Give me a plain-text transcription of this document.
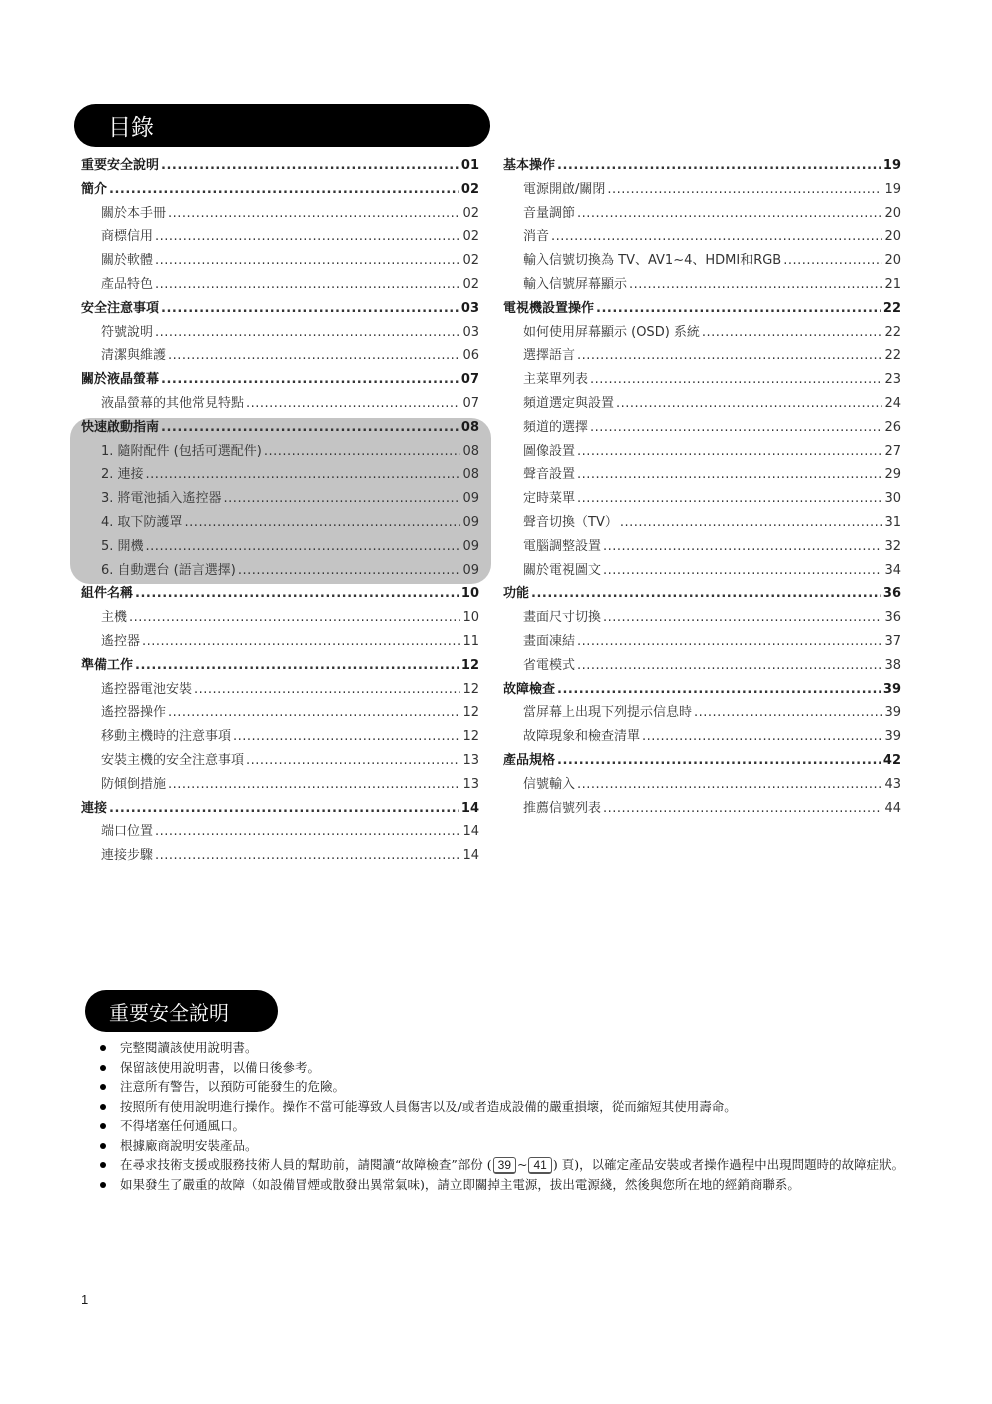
目錄
重要安全說明 .....	01
簡介 .....	02
關於本手冊 .....	02
商標信用 .....	02
關於軟體 .....	02
產品特色 .....	02
安全注意事項 .....	03
符號說明 .....	03
清潔與維護 .....	06
關於液晶螢幕 .....	07
液晶螢幕的其他常見特點 .....	07
快速啟動指南 .....	08
1. 隨附配件 (包括可選配件) .....	08
2. 連接 .....	08
3. 將電池插入遙控器 .....	09
4. 取下防護罩 .....	09
5. 開機 .....	09
6. 自動選台 (語言選擇) .....	09
組件名稱 .....	10
主機 .....	10
遙控器 .....	11
準備工作 .....	12
遙控器電池安裝 .....	12
遙控器操作 .....	12
移動主機時的注意事項 .....	12
安裝主機的安全注意事項 .....	13
防傾倒措施 .....	13
連接 .....	14
端口位置 .....	14
連接步驟 .....	14
基本操作 .....	19
電源開啟/關閉 .....	19
音量調節 .....	20
消音 .....	20
輸入信號切換為 TV、AV1~4、HDMI和RGB .....	20
輸入信號屏幕顯示 .....	21
電視機設置操作 .....	22
如何使用屏幕顯示 (OSD) 系統 .....	22
選擇語言 .....	22
主菜單列表 .....	23
頻道選定與設置 .....	24
頻道的選擇 .....	26
圖像設置 .....	27
聲音設置 .....	29
定時菜單 .....	30
聲音切換（TV） .....	31
電腦調整設置 .....	32
關於電視圖文 .....	34
功能 .....	36
畫面尺寸切換 .....	36
畫面凍結 .....	37
省電模式 .....	38
故障檢查 .....	39
當屏幕上出現下列提示信息時 .....	39
故障現象和檢查清單 .....	39
產品規格 .....	42
信號輸入 .....	43
推薦信號列表 .....	44
重要安全說明
完整閱讀該使用說明書。
保留該使用說明書，以備日後參考。
注意所有警告，以預防可能發生的危險。
按照所有使用說明進行操作。操作不當可能導致人員傷害以及/或者造成設備的嚴重損壞，從而縮短其使用壽命。
不得堵塞任何通風口。
根據廠商說明安裝產品。
在尋求技術支援或服務技術人員的幫助前，請閱讀“故障檢查”部份 ( 39 ~ 41 ) 頁)，以確定產品安裝或者操作過程中出現問題時的故障症狀。
如果發生了嚴重的故障（如設備冒煙或散發出異常氣味)，請立即關掉主電源，拔出電源綫，然後與您所在地的經銷商聯系。
1
